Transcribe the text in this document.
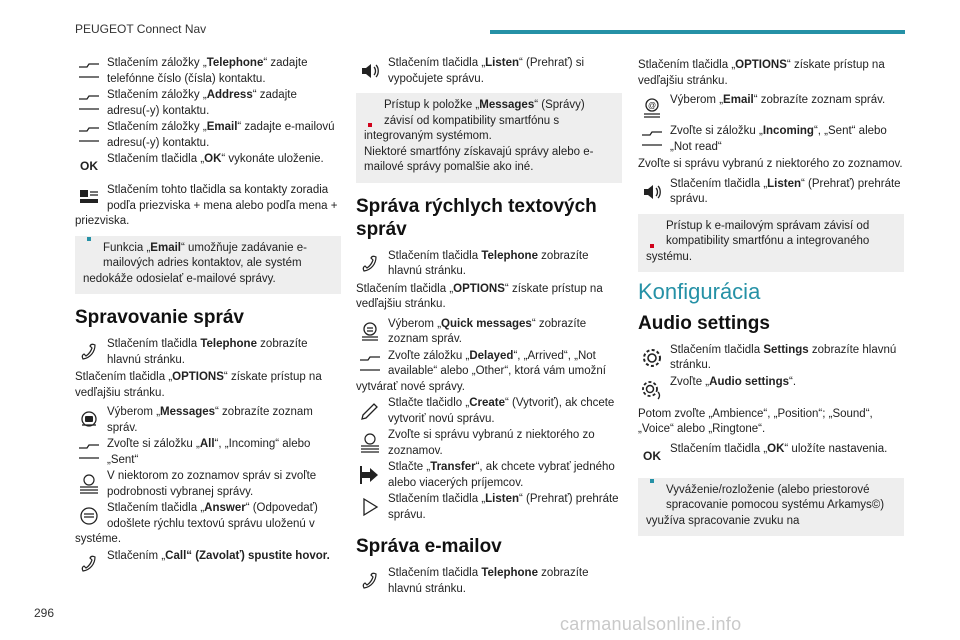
PEUGEOT Connect Nav
Stlačením záložky „Telephone“ zadajte telefónne číslo (čísla) kontaktu.
Stlačením záložky „Address“ zadajte adresu(-y) kontaktu.
Stlačením záložky „Email“ zadajte e-mailovú adresu(-y) kontaktu.
OK
Stlačením tlačidla „OK“ vykonáte uloženie.
Stlačením tohto tlačidla sa kontakty zoradia podľa priezviska + mena alebo podľa mena + priezviska.
Funkcia „Email“ umožňuje zadávanie e-mailových adries kontaktov, ale systém nedokáže odosielať e-mailové správy.
Spravovanie správ
Stlačením tlačidla Telephone zobrazíte hlavnú stránku.
Stlačením tlačidla „OPTIONS“ získate prístup na vedľajšiu stránku.
Výberom „Messages“ zobrazíte zoznam správ.
Zvoľte si záložku „All“, „Incoming“ alebo „Sent“
V niektorom zo zoznamov správ si zvoľte podrobnosti vybranej správy.
Stlačením tlačidla „Answer“ (Odpovedať) odošlete rýchlu textovú správu uloženú v systéme.
Stlačením „Call“ (Zavolať) spustite hovor.
Stlačením tlačidla „Listen“ (Prehrať) si vypočujete správu.
Prístup k položke „Messages“ (Správy) závisí od kompatibility smartfónu s integrovaným systémom.
Niektoré smartfóny získavajú správy alebo e-mailové správy pomalšie ako iné.
Správa rýchlych textových správ
Stlačením tlačidla Telephone zobrazíte hlavnú stránku.
Stlačením tlačidla „OPTIONS“ získate prístup na vedľajšiu stránku.
Výberom „Quick messages“ zobrazíte zoznam správ.
Zvoľte záložku „Delayed“, „Arrived“, „Not available“ alebo „Other“, ktorá vám umožní vytvárať nové správy.
Stlačte tlačidlo „Create“ (Vytvoriť), ak chcete vytvoriť novú správu.
Zvoľte si správu vybranú z niektorého zo zoznamov.
Stlačte „Transfer“, ak chcete vybrať jedného alebo viacerých príjemcov.
Stlačením tlačidla „Listen“ (Prehrať) prehráte správu.
Správa e-mailov
Stlačením tlačidla Telephone zobrazíte hlavnú stránku.
Stlačením tlačidla „OPTIONS“ získate prístup na vedľajšiu stránku.
@ Výberom „Email“ zobrazíte zoznam správ.
Zvoľte si záložku „Incoming“, „Sent“ alebo „Not read“
Zvoľte si správu vybranú z niektorého zo zoznamov.
Stlačením tlačidla „Listen“ (Prehrať) prehráte správu.
Prístup k e-mailovým správam závisí od kompatibility smartfónu a integrovaného systému.
Konfigurácia
Audio settings
Stlačením tlačidla Settings zobrazíte hlavnú stránku.
Zvoľte „Audio settings“.
Potom zvoľte „Ambience“, „Position“; „Sound“, „Voice“ alebo „Ringtone“.
OK
Stlačením tlačidla „OK“ uložíte nastavenia.
Vyváženie/rozloženie (alebo priestorové spracovanie pomocou systému Arkamys©) využíva spracovanie zvuku na
296
carmanualsonline.info
